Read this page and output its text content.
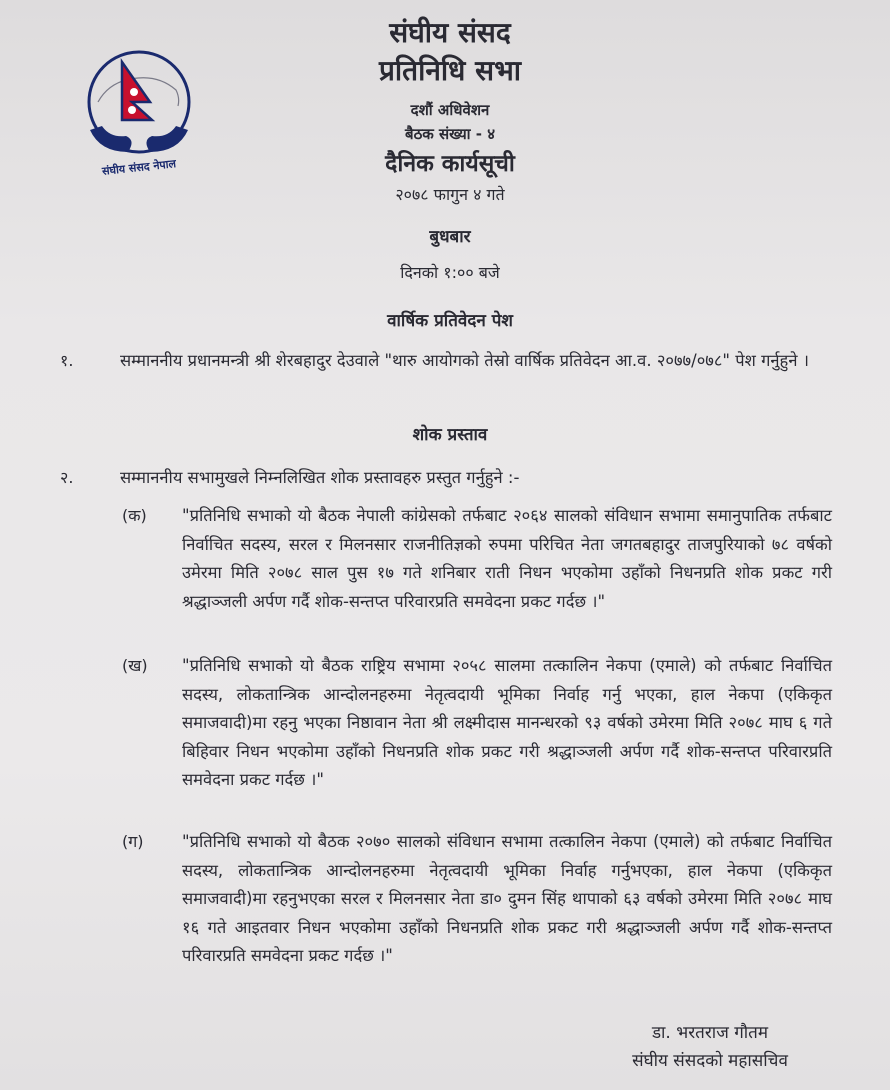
संघीय संसद नेपाल
संघीय संसद
प्रतिनिधि सभा
दशौं अधिवेशन
बैठक संख्या - ४
दैनिक कार्यसूची
२०७८ फागुन ४ गते
बुधबार
दिनको १:०० बजे
वार्षिक प्रतिवेदन पेश
१.	सम्माननीय प्रधानमन्त्री श्री शेरबहादुर देउवाले "थारु आयोगको तेस्रो वार्षिक प्रतिवेदन आ.व. २०७७/०७८" पेश गर्नुहुने ।
शोक प्रस्ताव
२.	सम्माननीय सभामुखले निम्नलिखित शोक प्रस्तावहरु प्रस्तुत गर्नुहुने :-
(क) "प्रतिनिधि सभाको यो बैठक नेपाली कांग्रेसको तर्फबाट २०६४ सालको संविधान सभामा समानुपातिक तर्फबाट निर्वाचित सदस्य, सरल र मिलनसार राजनीतिज्ञको रुपमा परिचित नेता जगतबहादुर ताजपुरियाको ७८ वर्षको उमेरमा मिति २०७८ साल पुस १७ गते शनिबार राती निधन भएकोमा उहाँको निधनप्रति शोक प्रकट गरी श्रद्धाञ्जली अर्पण गर्दै शोक-सन्तप्त परिवारप्रति समवेदना प्रकट गर्दछ ।"
(ख) "प्रतिनिधि सभाको यो बैठक राष्ट्रिय सभामा २०५८ सालमा तत्कालिन नेकपा (एमाले) को तर्फबाट निर्वाचित सदस्य, लोकतान्त्रिक आन्दोलनहरुमा नेतृत्वदायी भूमिका निर्वाह गर्नु भएका, हाल नेकपा (एकिकृत समाजवादी)मा रहनु भएका निष्ठावान नेता श्री लक्ष्मीदास मानन्धरको ९३ वर्षको उमेरमा मिति २०७८ माघ ६ गते बिहिवार निधन भएकोमा उहाँको निधनप्रति शोक प्रकट गरी श्रद्धाञ्जली अर्पण गर्दै शोक-सन्तप्त परिवारप्रति समवेदना प्रकट गर्दछ ।"
(ग) "प्रतिनिधि सभाको यो बैठक २०७० सालको संविधान सभामा तत्कालिन नेकपा (एमाले) को तर्फबाट निर्वाचित सदस्य, लोकतान्त्रिक आन्दोलनहरुमा नेतृत्वदायी भूमिका निर्वाह गर्नुभएका, हाल नेकपा (एकिकृत समाजवादी)मा रहनुभएका सरल र मिलनसार नेता डा० दुमन सिंह थापाको ६३ वर्षको उमेरमा मिति २०७८ माघ १६ गते आइतवार निधन भएकोमा उहाँको निधनप्रति शोक प्रकट गरी श्रद्धाञ्जली अर्पण गर्दै शोक-सन्तप्त परिवारप्रति समवेदना प्रकट गर्दछ ।"
डा. भरतराज गौतम
संघीय संसदको महासचिव
